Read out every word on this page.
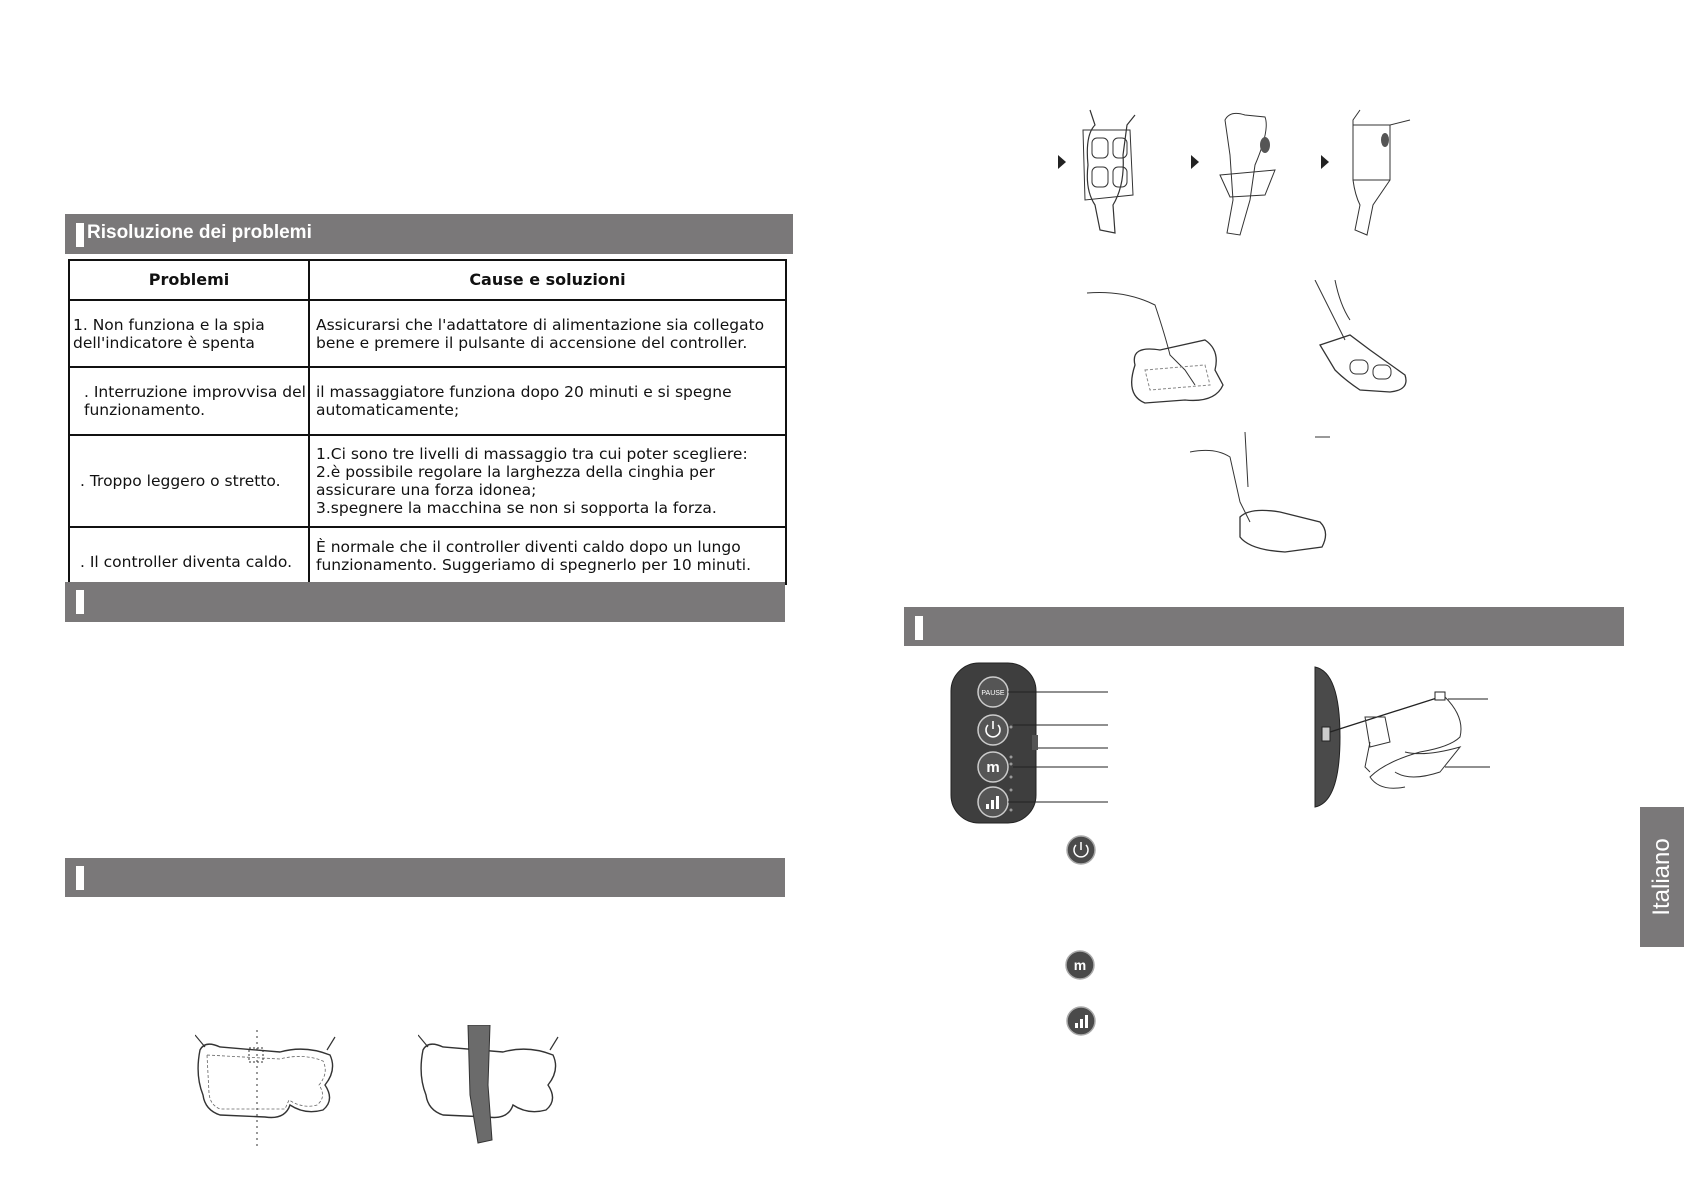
Risoluzione dei problemi
Problemi	Cause e soluzioni
1. Non funziona e la spia dell'indicatore è spenta	Assicurarsi che l'adattatore di alimentazione sia collegato bene e premere il pulsante di accensione del controller.
. Interruzione improvvisa del funzionamento.	il massaggiatore funziona dopo 20 minuti e si spegne automaticamente;
. Troppo leggero o stretto.	1.Ci sono tre livelli di massaggio tra cui poter scegliere:
2.è possibile regolare la larghezza della cinghia per assicurare una forza idonea;
3.spegnere la macchina se non si sopporta la forza.

. Il controller diventa caldo.	È normale che il controller diventi caldo dopo un lungo funzionamento. Suggeriamo di spegnerlo per 10 minuti.
PAUSE
m
m
Italiano
